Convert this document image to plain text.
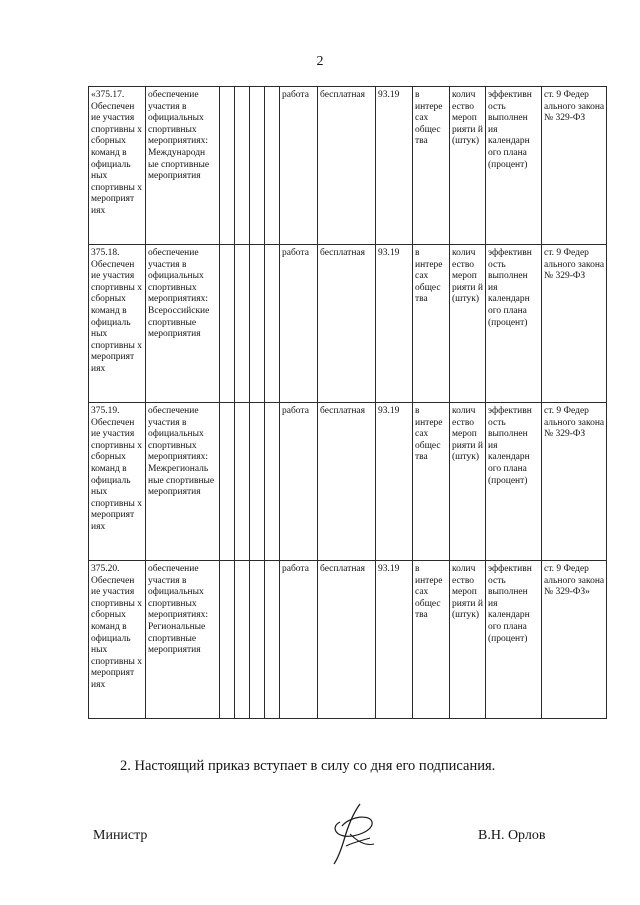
2
«375.17. Обеспечен ие участия спортивны х сборных команд в официаль ных спортивны х мероприят иях	обеспечение участия в официальных спортивных мероприятиях: Международн ые спортивные мероприятия					работа	бесплатная	93.19	в интере сах общес тва	колич ество мероп рияти й (штук)	эффективн ость выполнен ия календарн ого плана (процент)	ст. 9 Федер
ального закона
№ 329-ФЗ

375.18. Обеспечен ие участия спортивны х сборных команд в официаль ных спортивны х мероприят иях	обеспечение участия в официальных спортивных мероприятиях: Всероссийские спортивные мероприятия					работа	бесплатная	93.19	в интере сах общес тва	колич ество мероп рияти й (штук)	эффективн ость выполнен ия календарн ого плана (процент)	ст. 9 Федер
ального закона
№ 329-ФЗ

375.19. Обеспечен ие участия спортивны х сборных команд в официаль ных спортивны х мероприят иях	обеспечение участия в официальных спортивных мероприятиях: Межрегиональ ные спортивные мероприятия					работа	бесплатная	93.19	в интере сах общес тва	колич ество мероп рияти й (штук)	эффективн ость выполнен ия календарн ого плана (процент)	ст. 9 Федер
ального закона
№ 329-ФЗ

375.20. Обеспечен ие участия спортивны х сборных команд в официаль ных спортивны х мероприят иях	обеспечение участия в официальных спортивных мероприятиях: Региональные спортивные мероприятия					работа	бесплатная	93.19	в интере сах общес тва	колич ество мероп рияти й (штук)	эффективн ость выполнен ия календарн ого плана (процент)	ст. 9 Федер
ального закона
№ 329-ФЗ»
2. Настоящий приказ вступает в силу со дня его подписания.
Министр	В.Н. Орлов
